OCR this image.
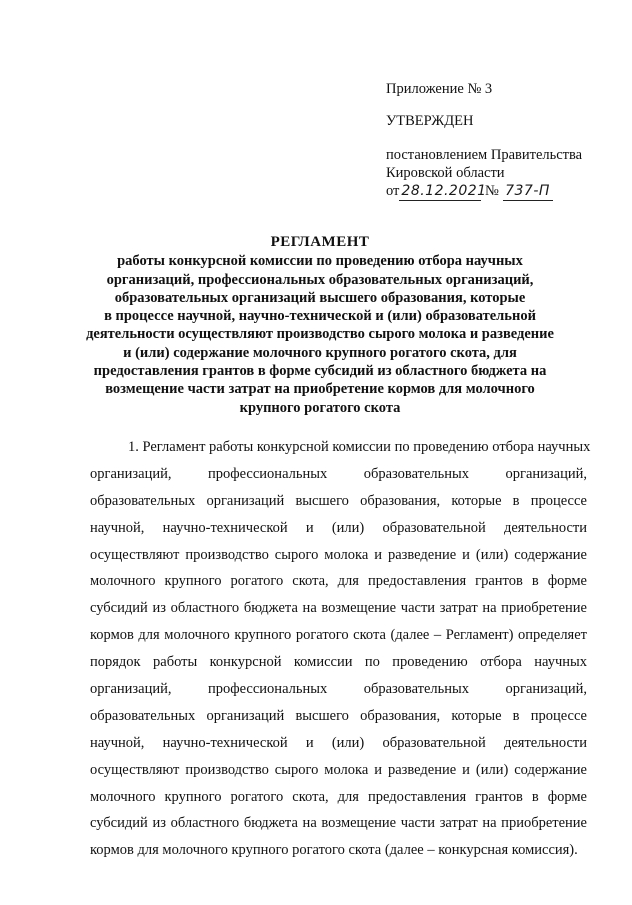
Приложение № 3
УТВЕРЖДЕН
постановлением Правительства
Кировской области
от 28.12.2021 № 737-П
РЕГЛАМЕНТ
работы конкурсной комиссии по проведению отбора научных
организаций, профессиональных образовательных организаций,
образовательных организаций высшего образования, которые
в процессе научной, научно-технической и (или) образовательной
деятельности осуществляют производство сырого молока и разведение
и (или) содержание молочного крупного рогатого скота, для
предоставления грантов в форме субсидий из областного бюджета на
возмещение части затрат на приобретение кормов для молочного
крупного рогатого скота
1. Регламент работы конкурсной комиссии по проведению отбора научных
организаций, профессиональных образовательных организаций,
образовательных организаций высшего образования, которые в процессе
научной, научно-технической и (или) образовательной деятельности
осуществляют производство сырого молока и разведение и (или) содержание
молочного крупного рогатого скота, для предоставления грантов в форме
субсидий из областного бюджета на возмещение части затрат на приобретение
кормов для молочного крупного рогатого скота (далее – Регламент) определяет
порядок работы конкурсной комиссии по проведению отбора научных
организаций, профессиональных образовательных организаций,
образовательных организаций высшего образования, которые в процессе
научной, научно-технической и (или) образовательной деятельности
осуществляют производство сырого молока и разведение и (или) содержание
молочного крупного рогатого скота, для предоставления грантов в форме
субсидий из областного бюджета на возмещение части затрат на приобретение
кормов для молочного крупного рогатого скота (далее – конкурсная комиссия).
